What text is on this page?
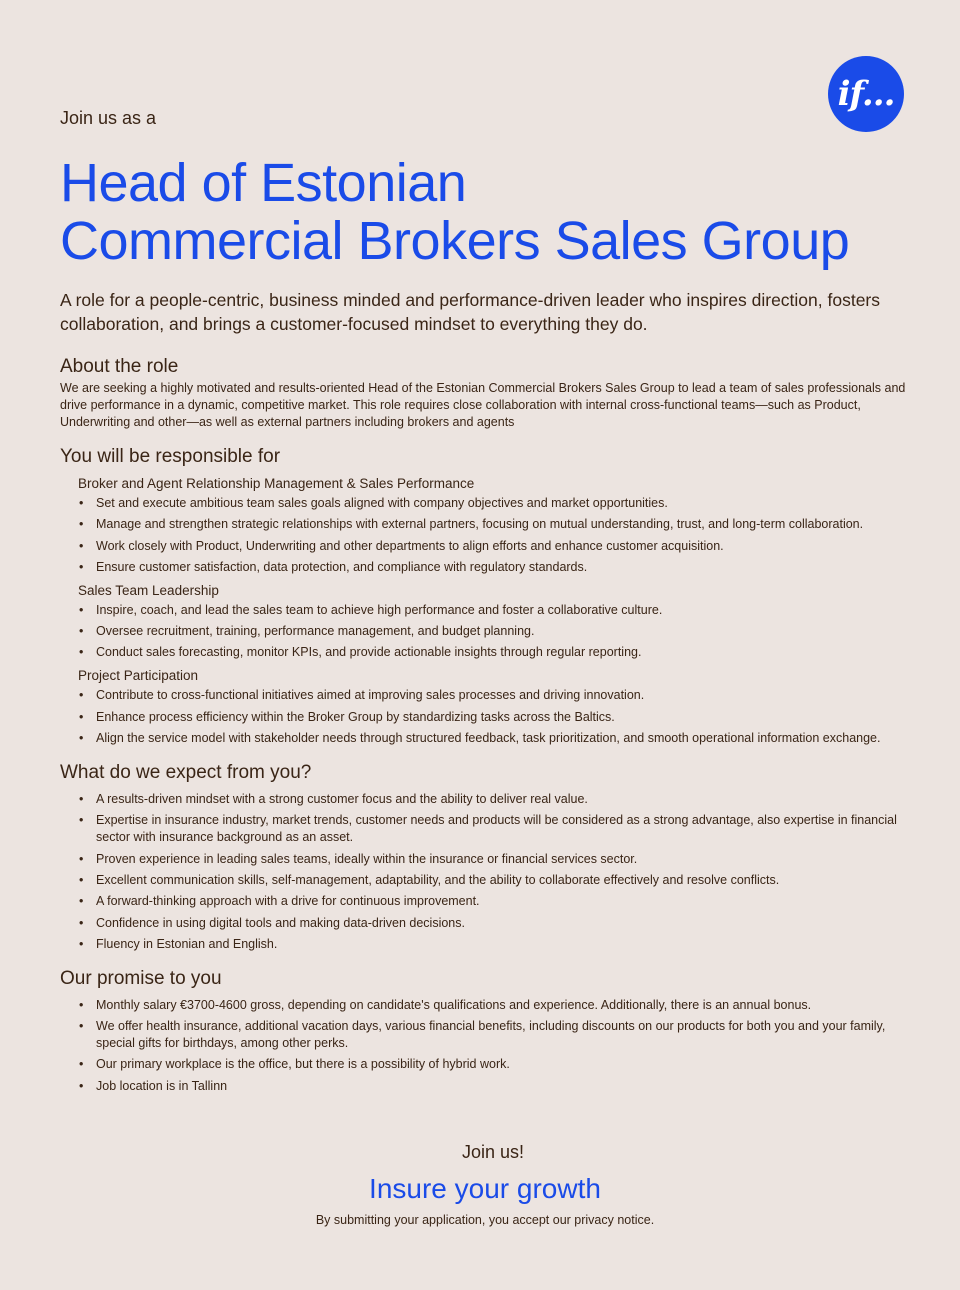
if...
Join us as a
Head of Estonian
Commercial Brokers Sales Group

A role for a people-centric, business minded and performance-driven leader who inspires direction, fosters collaboration, and brings a customer-focused mindset to everything they do.

About the role

We are seeking a highly motivated and results-oriented Head of the Estonian Commercial Brokers Sales Group to lead a team of sales professionals and drive performance in a dynamic, competitive market. This role requires close collaboration with internal cross-functional teams—such as Product, Underwriting and other—as well as external partners including brokers and agents

You will be responsible for
Broker and Agent Relationship Management & Sales Performance
• Set and execute ambitious team sales goals aligned with company objectives and market opportunities.
• Manage and strengthen strategic relationships with external partners, focusing on mutual understanding, trust, and long-term collaboration.
• Work closely with Product, Underwriting and other departments to align efforts and enhance customer acquisition.
• Ensure customer satisfaction, data protection, and compliance with regulatory standards.
Sales Team Leadership
• Inspire, coach, and lead the sales team to achieve high performance and foster a collaborative culture.
• Oversee recruitment, training, performance management, and budget planning.
• Conduct sales forecasting, monitor KPIs, and provide actionable insights through regular reporting.
Project Participation
• Contribute to cross-functional initiatives aimed at improving sales processes and driving innovation.
• Enhance process efficiency within the Broker Group by standardizing tasks across the Baltics.
• Align the service model with stakeholder needs through structured feedback, task prioritization, and smooth operational information exchange.
What do we expect from you?
• A results-driven mindset with a strong customer focus and the ability to deliver real value.
• Expertise in insurance industry, market trends, customer needs and products will be considered as a strong advantage, also expertise in financial sector with insurance background as an asset.
• Proven experience in leading sales teams, ideally within the insurance or financial services sector.
• Excellent communication skills, self-management, adaptability, and the ability to collaborate effectively and resolve conflicts.
• A forward-thinking approach with a drive for continuous improvement.
• Confidence in using digital tools and making data-driven decisions.
• Fluency in Estonian and English.
Our promise to you
• Monthly salary €3700-4600 gross, depending on candidate's qualifications and experience. Additionally, there is an annual bonus.
• We offer health insurance, additional vacation days, various financial benefits, including discounts on our products for both you and your family, special gifts for birthdays, among other perks.
• Our primary workplace is the office, but there is a possibility of hybrid work.
• Job location is in Tallinn
Join us!
Insure your growth
By submitting your application, you accept our privacy notice.
